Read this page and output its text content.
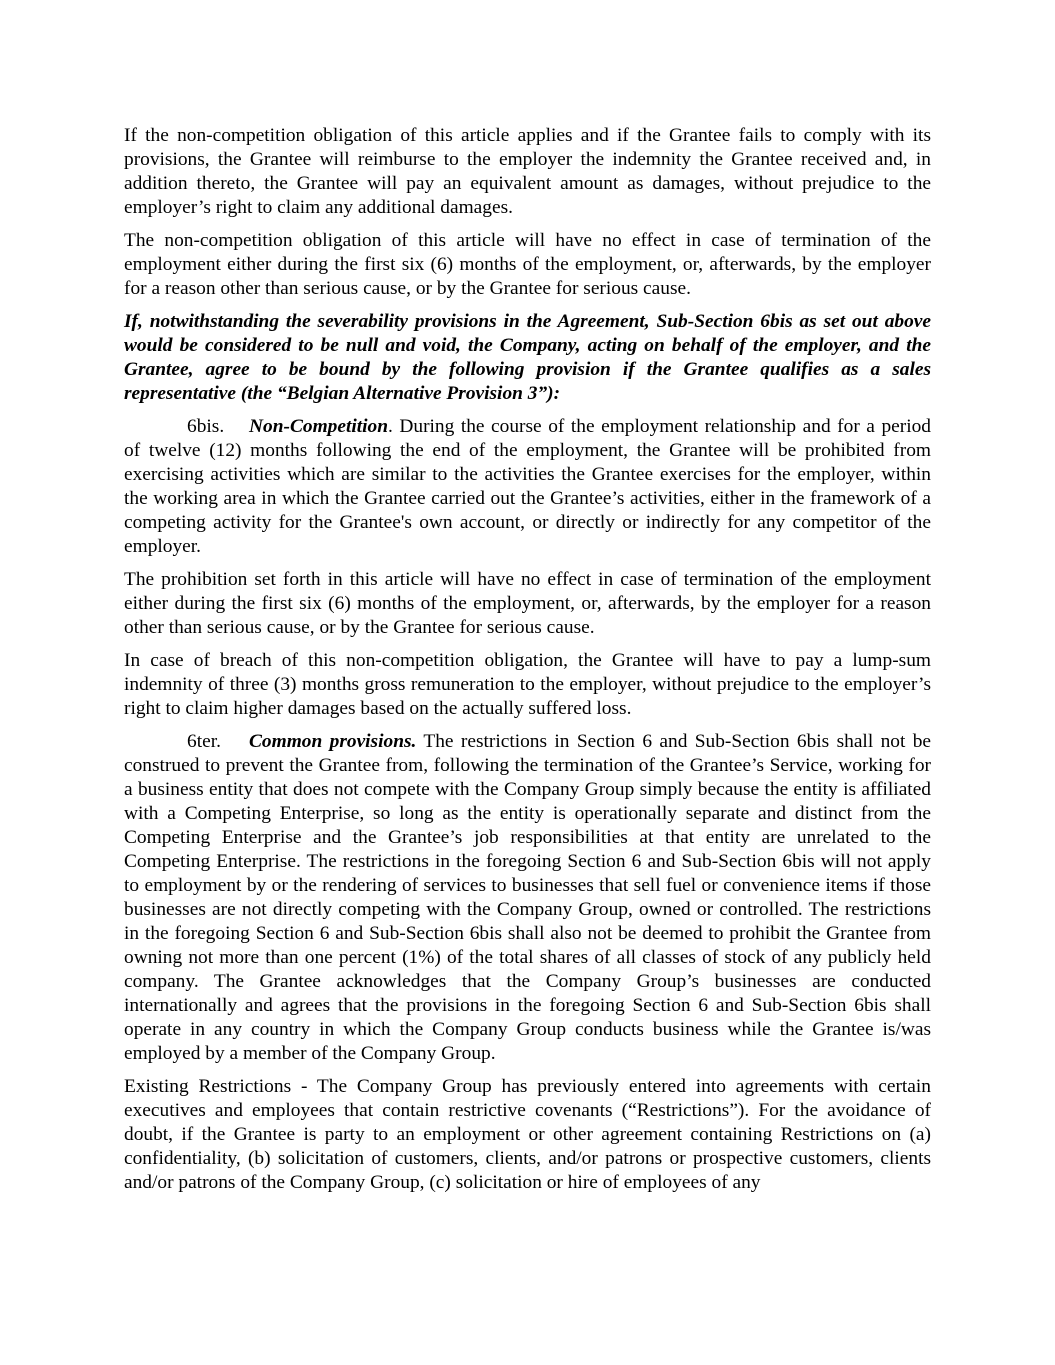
If the non-competition obligation of this article applies and if the Grantee fails to comply with its provisions, the Grantee will reimburse to the employer the indemnity the Grantee received and, in addition thereto, the Grantee will pay an equivalent amount as damages, without prejudice to the employer’s right to claim any additional damages.

The non-competition obligation of this article will have no effect in case of termination of the employment either during the first six (6) months of the employment, or, afterwards, by the employer for a reason other than serious cause, or by the Grantee for serious cause.

If, notwithstanding the severability provisions in the Agreement, Sub-Section 6bis as set out above would be considered to be null and void, the Company, acting on behalf of the employer, and the Grantee, agree to be bound by the following provision if the Grantee qualifies as a sales representative (the “Belgian Alternative Provision 3”):

6bis. Non-Competition. During the course of the employment relationship and for a period of twelve (12) months following the end of the employment, the Grantee will be prohibited from exercising activities which are similar to the activities the Grantee exercises for the employer, within the working area in which the Grantee carried out the Grantee’s activities, either in the framework of a competing activity for the Grantee's own account, or directly or indirectly for any competitor of the employer.

The prohibition set forth in this article will have no effect in case of termination of the employment either during the first six (6) months of the employment, or, afterwards, by the employer for a reason other than serious cause, or by the Grantee for serious cause.

In case of breach of this non-competition obligation, the Grantee will have to pay a lump-sum indemnity of three (3) months gross remuneration to the employer, without prejudice to the employer’s right to claim higher damages based on the actually suffered loss.

6ter. Common provisions. The restrictions in Section 6 and Sub-Section 6bis shall not be construed to prevent the Grantee from, following the termination of the Grantee’s Service, working for a business entity that does not compete with the Company Group simply because the entity is affiliated with a Competing Enterprise, so long as the entity is operationally separate and distinct from the Competing Enterprise and the Grantee’s job responsibilities at that entity are unrelated to the Competing Enterprise. The restrictions in the foregoing Section 6 and Sub-Section 6bis will not apply to employment by or the rendering of services to businesses that sell fuel or convenience items if those businesses are not directly competing with the Company Group, owned or controlled. The restrictions in the foregoing Section 6 and Sub-Section 6bis shall also not be deemed to prohibit the Grantee from owning not more than one percent (1%) of the total shares of all classes of stock of any publicly held company. The Grantee acknowledges that the Company Group’s businesses are conducted internationally and agrees that the provisions in the foregoing Section 6 and Sub-Section 6bis shall operate in any country in which the Company Group conducts business while the Grantee is/was employed by a member of the Company Group.

Existing Restrictions - The Company Group has previously entered into agreements with certain executives and employees that contain restrictive covenants (“Restrictions”). For the avoidance of doubt, if the Grantee is party to an employment or other agreement containing Restrictions on (a) confidentiality, (b) solicitation of customers, clients, and/or patrons or prospective customers, clients and/or patrons of the Company Group, (c) solicitation or hire of employees of any
